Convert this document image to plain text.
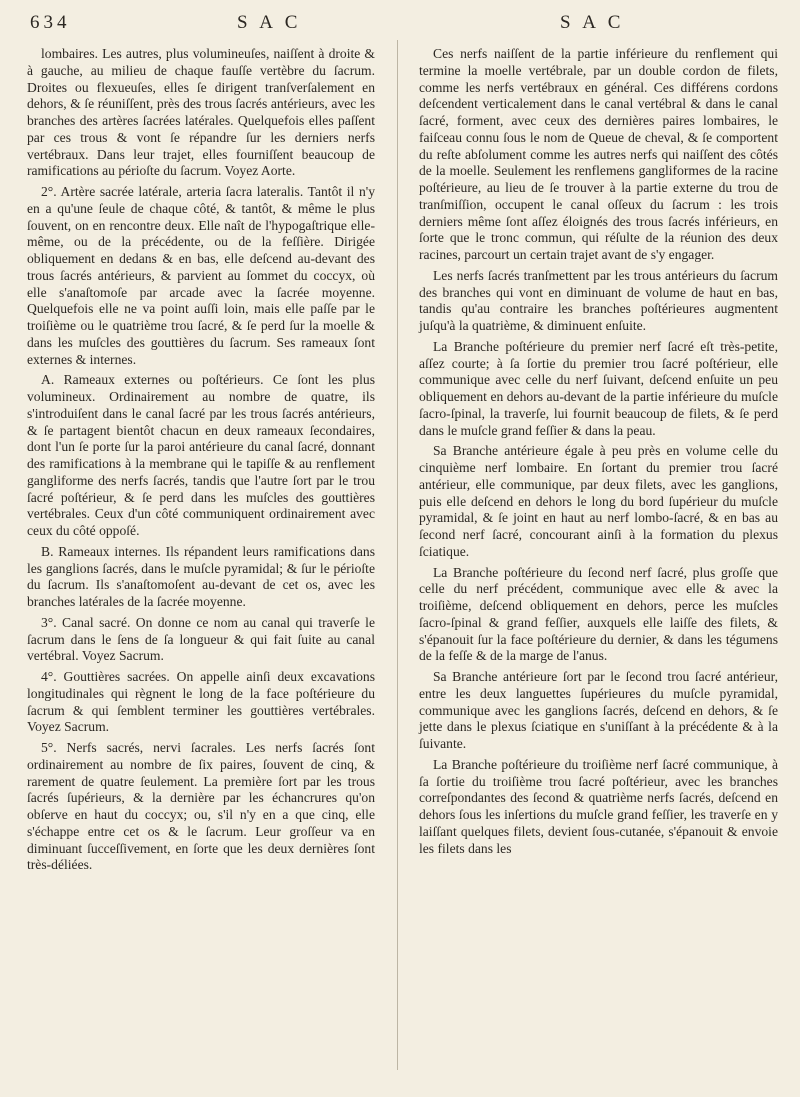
634	S A C	S A C

lombaires. Les autres, plus volumineuſes, naiſſent à droite & à gauche, au milieu de chaque fauſſe vertèbre du ſacrum. Droites ou flexueuſes, elles ſe dirigent tranſverſalement en dehors, & ſe réuniſſent, près des trous ſacrés antérieurs, avec les branches des artères ſacrées latérales. Quelquefois elles paſſent par ces trous & vont ſe répandre ſur les derniers nerfs vertébraux. Dans leur trajet, elles fourniſſent beaucoup de ramifications au périoſte du ſacrum. Voyez Aorte.

2°. Artère sacrée latérale, arteria ſacra lateralis. Tantôt il n'y en a qu'une ſeule de chaque côté, & tantôt, & même le plus ſouvent, on en rencontre deux. Elle naît de l'hypogaſtrique elle-même, ou de la précédente, ou de la feſſière. Dirigée obliquement en dedans & en bas, elle deſcend au-devant des trous ſacrés antérieurs, & parvient au ſommet du coccyx, où elle s'anaſtomoſe par arcade avec la ſacrée moyenne. Quelquefois elle ne va point auſſi loin, mais elle paſſe par le troiſième ou le quatrième trou ſacré, & ſe perd ſur la moelle & dans les muſcles des gouttières du ſacrum. Ses rameaux ſont externes & internes.

A. Rameaux externes ou poſtérieurs. Ce ſont les plus volumineux. Ordinairement au nombre de quatre, ils s'introduiſent dans le canal ſacré par les trous ſacrés antérieurs, & ſe partagent bientôt chacun en deux rameaux ſecondaires, dont l'un ſe porte ſur la paroi antérieure du canal ſacré, donnant des ramifications à la membrane qui le tapiſſe & au renflement gangliforme des nerfs ſacrés, tandis que l'autre ſort par le trou ſacré poſtérieur, & ſe perd dans les muſcles des gouttières vertébrales. Ceux d'un côté communiquent ordinairement avec ceux du côté oppoſé.

B. Rameaux internes. Ils répandent leurs ramifications dans les ganglions ſacrés, dans le muſcle pyramidal; & ſur le périoſte du ſacrum. Ils s'anaſtomoſent au-devant de cet os, avec les branches latérales de la ſacrée moyenne.

3°. Canal sacré. On donne ce nom au canal qui traverſe le ſacrum dans le ſens de ſa longueur & qui fait ſuite au canal vertébral. Voyez Sacrum.

4°. Gouttières sacrées. On appelle ainſi deux excavations longitudinales qui règnent le long de la face poſtérieure du ſacrum & qui ſemblent terminer les gouttières vertébrales. Voyez Sacrum.

5°. Nerfs sacrés, nervi ſacrales. Les nerfs ſacrés ſont ordinairement au nombre de ſix paires, ſouvent de cinq, & rarement de quatre ſeulement. La première ſort par les trous ſacrés ſupérieurs, & la dernière par les échancrures qu'on obſerve en haut du coccyx; ou, s'il n'y en a que cinq, elle s'échappe entre cet os & le ſacrum. Leur groſſeur va en diminuant ſucceſſivement, en ſorte que les deux dernières ſont très-déliées.

Ces nerfs naiſſent de la partie inférieure du renflement qui termine la moelle vertébrale, par un double cordon de filets, comme les nerfs vertébraux en général. Ces différens cordons deſcendent verticalement dans le canal vertébral & dans le canal ſacré, forment, avec ceux des dernières paires lombaires, le faiſceau connu ſous le nom de Queue de cheval, & ſe comportent du reſte abſolument comme les autres nerfs qui naiſſent des côtés de la moelle. Seulement les renflemens gangliformes de la racine poſtérieure, au lieu de ſe trouver à la partie externe du trou de tranſmiſſion, occupent le canal oſſeux du ſacrum : les trois derniers même ſont aſſez éloignés des trous ſacrés inférieurs, en ſorte que le tronc commun, qui réſulte de la réunion des deux racines, parcourt un certain trajet avant de s'y engager.

Les nerfs ſacrés tranſmettent par les trous antérieurs du ſacrum des branches qui vont en diminuant de volume de haut en bas, tandis qu'au contraire les branches poſtérieures augmentent juſqu'à la quatrième, & diminuent enſuite.

La Branche poſtérieure du premier nerf ſacré eſt très-petite, aſſez courte; à ſa ſortie du premier trou ſacré poſtérieur, elle communique avec celle du nerf ſuivant, deſcend enſuite un peu obliquement en dehors au-devant de la partie inférieure du muſcle ſacro-ſpinal, la traverſe, lui fournit beaucoup de filets, & ſe perd dans le muſcle grand feſſier & dans la peau.

Sa Branche antérieure égale à peu près en volume celle du cinquième nerf lombaire. En ſortant du premier trou ſacré antérieur, elle communique, par deux filets, avec les ganglions, puis elle deſcend en dehors le long du bord ſupérieur du muſcle pyramidal, & ſe joint en haut au nerf lombo-ſacré, & en bas au ſecond nerf ſacré, concourant ainſi à la formation du plexus ſciatique.

La Branche poſtérieure du ſecond nerf ſacré, plus groſſe que celle du nerf précédent, communique avec elle & avec la troiſième, deſcend obliquement en dehors, perce les muſcles ſacro-ſpinal & grand feſſier, auxquels elle laiſſe des filets, & s'épanouit ſur la face poſtérieure du dernier, & dans les tégumens de la feſſe & de la marge de l'anus.

Sa Branche antérieure ſort par le ſecond trou ſacré antérieur, entre les deux languettes ſupérieures du muſcle pyramidal, communique avec les ganglions ſacrés, deſcend en dehors, & ſe jette dans le plexus ſciatique en s'uniſſant à la précédente & à la ſuivante.

La Branche poſtérieure du troiſième nerf ſacré communique, à ſa ſortie du troiſième trou ſacré poſtérieur, avec les branches correſpondantes des ſecond & quatrième nerfs ſacrés, deſcend en dehors ſous les inſertions du muſcle grand feſſier, les traverſe en y laiſſant quelques filets, devient ſous-cutanée, s'épanouit & envoie les filets dans les
